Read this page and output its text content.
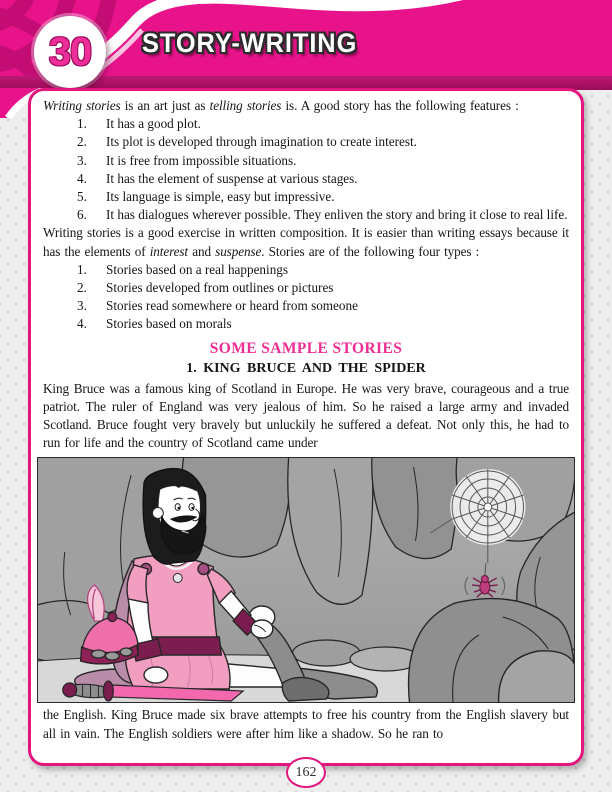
30 STORY-WRITING

Writing stories is an art just as telling stories is. A good story has the following features :

1.	It has a good plot.
2.	Its plot is developed through imagination to create interest.
3.	It is free from impossible situations.
4.	It has the element of suspense at various stages.
5.	Its language is simple, easy but impressive.
6.	It has dialogues wherever possible. They enliven the story and bring it close to real life.

Writing stories is a good exercise in written composition. It is easier than writing essays because it has the elements of interest and suspense. Stories are of the following four types :

1.	Stories based on a real happenings
2.	Stories developed from outlines or pictures
3.	Stories read somewhere or heard from someone
4.	Stories based on morals
SOME SAMPLE STORIES
1. KING BRUCE AND THE SPIDER

King Bruce was a famous king of Scotland in Europe. He was very brave, courageous and a true patriot. The ruler of England was very jealous of him. So he raised a large army and invaded Scotland. Bruce fought very bravely but unluckily he suffered a defeat. Not only this, he had to run for life and the country of Scotland came under

the English. King Bruce made six brave attempts to free his country from the English slavery but all in vain. The English soldiers were after him like a shadow. So he ran to

162
